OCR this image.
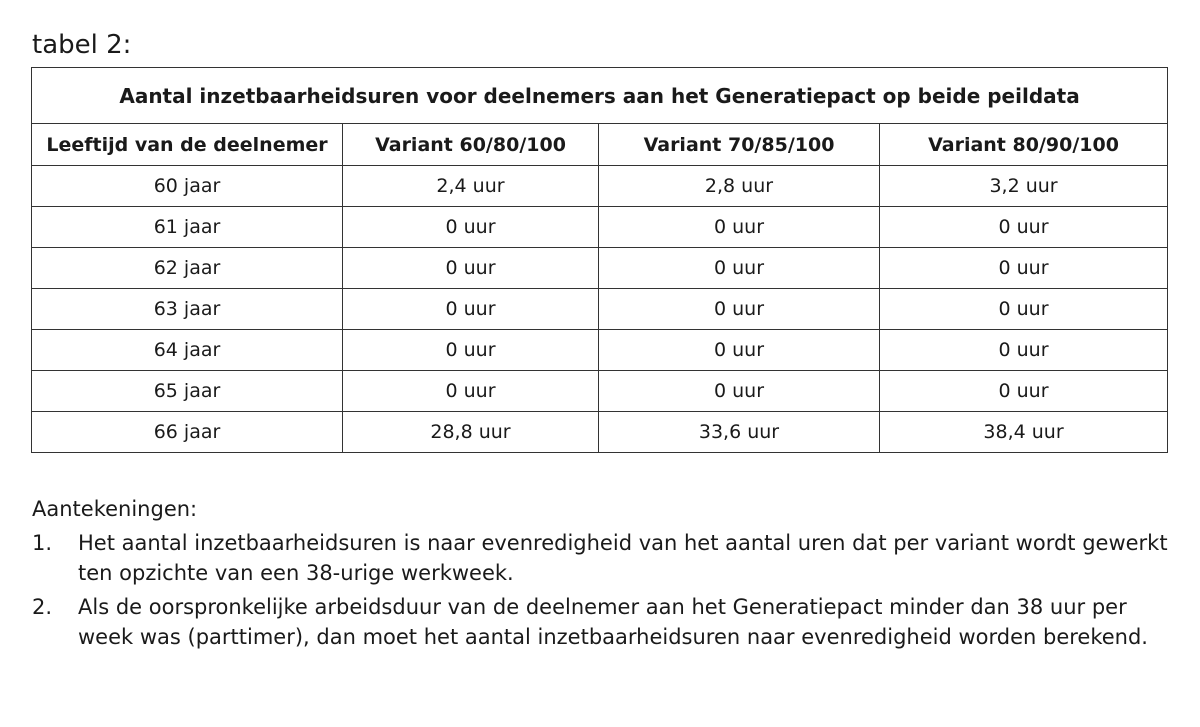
tabel 2:
Aantal inzetbaarheidsuren voor deelnemers aan het Generatiepact op beide peildata			
Leeftijd van de deelnemer	Variant 60/80/100	Variant 70/85/100	Variant 80/90/100
60 jaar	2,4 uur	2,8 uur	3,2 uur
61 jaar	0 uur	0 uur	0 uur
62 jaar	0 uur	0 uur	0 uur
63 jaar	0 uur	0 uur	0 uur
64 jaar	0 uur	0 uur	0 uur
65 jaar	0 uur	0 uur	0 uur
66 jaar	28,8 uur	33,6 uur	38,4 uur

Aantekeningen:

1.	Het aantal inzetbaarheidsuren is naar evenredigheid van het aantal uren dat per variant wordt gewerkt ten opzichte van een 38-urige werkweek.
2.	Als de oorspronkelijke arbeidsduur van de deelnemer aan het Generatiepact minder dan 38 uur per week was (parttimer), dan moet het aantal inzetbaarheidsuren naar evenredigheid worden berekend.
